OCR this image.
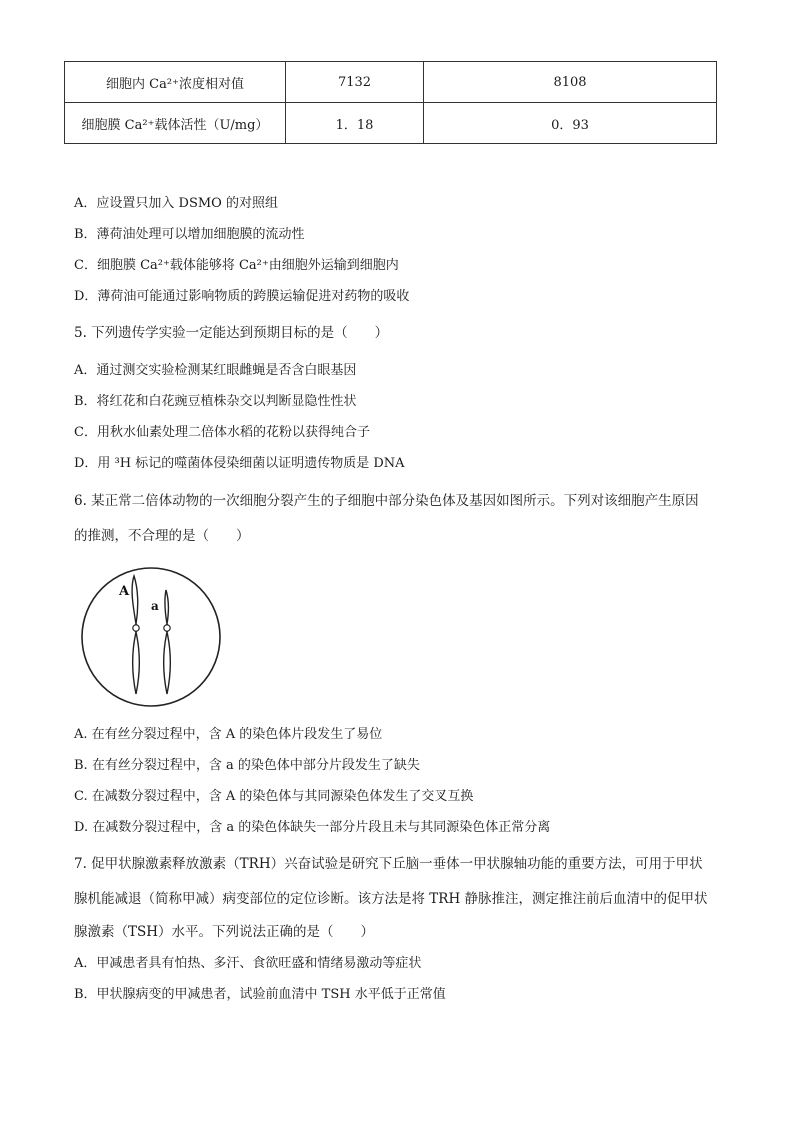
细胞内 Ca²⁺浓度相对值	7132	8108
细胞膜 Ca²⁺载体活性（U/mg）	1．18	0．93
A．应设置只加入 DSMO 的对照组
B．薄荷油处理可以增加细胞膜的流动性
C．细胞膜 Ca²⁺载体能够将 Ca²⁺由细胞外运输到细胞内
D．薄荷油可能通过影响物质的跨膜运输促进对药物的吸收
5. 下列遗传学实验一定能达到预期目标的是（　　）
A．通过测交实验检测某红眼雌蝇是否含白眼基因
B．将红花和白花豌豆植株杂交以判断显隐性性状
C．用秋水仙素处理二倍体水稻的花粉以获得纯合子
D．用 ³H 标记的噬菌体侵染细菌以证明遗传物质是 DNA
6. 某正常二倍体动物的一次细胞分裂产生的子细胞中部分染色体及基因如图所示。下列对该细胞产生原因
的推测，不合理的是（　　）
A
a
A. 在有丝分裂过程中，含 A 的染色体片段发生了易位
B. 在有丝分裂过程中，含 a 的染色体中部分片段发生了缺失
C. 在减数分裂过程中，含 A 的染色体与其同源染色体发生了交叉互换
D. 在减数分裂过程中，含 a 的染色体缺失一部分片段且未与其同源染色体正常分离
7. 促甲状腺激素释放激素（TRH）兴奋试验是研究下丘脑一垂体一甲状腺轴功能的重要方法，可用于甲状
腺机能减退（简称甲减）病变部位的定位诊断。该方法是将 TRH 静脉推注，测定推注前后血清中的促甲状
腺激素（TSH）水平。下列说法正确的是（　　）
A．甲减患者具有怕热、多汗、食欲旺盛和情绪易激动等症状
B．甲状腺病变的甲减患者，试验前血清中 TSH 水平低于正常值
